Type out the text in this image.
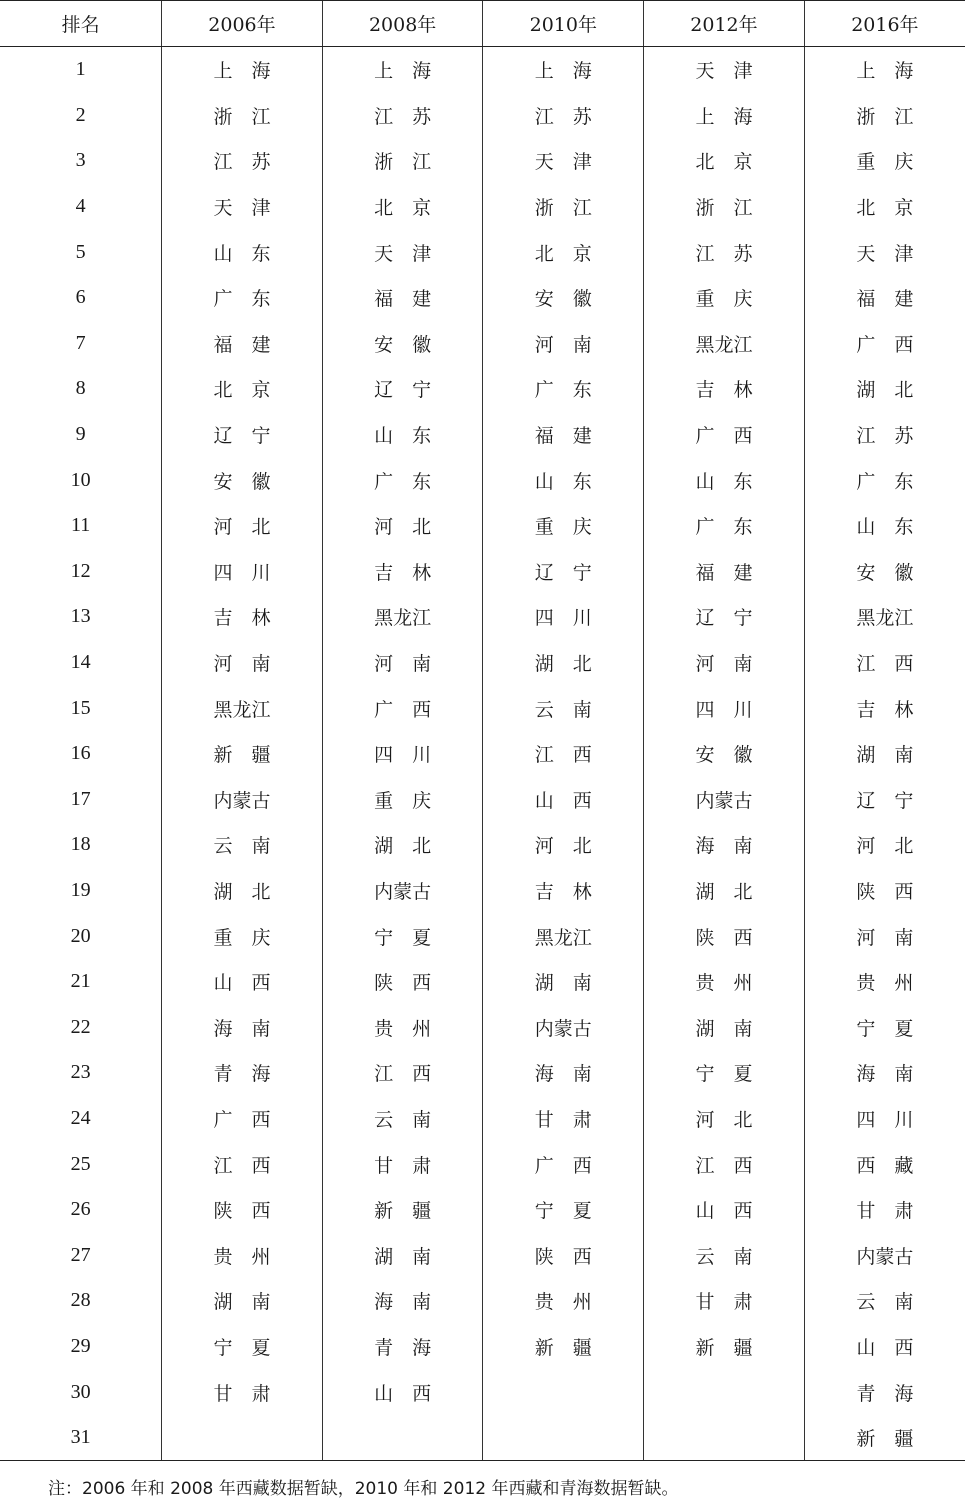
排名	2006年	2008年	2010年	2012年	2016年
1	上　海	上　海	上　海	天　津	上　海
2	浙　江	江　苏	江　苏	上　海	浙　江
3	江　苏	浙　江	天　津	北　京	重　庆
4	天　津	北　京	浙　江	浙　江	北　京
5	山　东	天　津	北　京	江　苏	天　津
6	广　东	福　建	安　徽	重　庆	福　建
7	福　建	安　徽	河　南	黑龙江	广　西
8	北　京	辽　宁	广　东	吉　林	湖　北
9	辽　宁	山　东	福　建	广　西	江　苏
10	安　徽	广　东	山　东	山　东	广　东
11	河　北	河　北	重　庆	广　东	山　东
12	四　川	吉　林	辽　宁	福　建	安　徽
13	吉　林	黑龙江	四　川	辽　宁	黑龙江
14	河　南	河　南	湖　北	河　南	江　西
15	黑龙江	广　西	云　南	四　川	吉　林
16	新　疆	四　川	江　西	安　徽	湖　南
17	内蒙古	重　庆	山　西	内蒙古	辽　宁
18	云　南	湖　北	河　北	海　南	河　北
19	湖　北	内蒙古	吉　林	湖　北	陕　西
20	重　庆	宁　夏	黑龙江	陕　西	河　南
21	山　西	陕　西	湖　南	贵　州	贵　州
22	海　南	贵　州	内蒙古	湖　南	宁　夏
23	青　海	江　西	海　南	宁　夏	海　南
24	广　西	云　南	甘　肃	河　北	四　川
25	江　西	甘　肃	广　西	江　西	西　藏
26	陕　西	新　疆	宁　夏	山　西	甘　肃
27	贵　州	湖　南	陕　西	云　南	内蒙古
28	湖　南	海　南	贵　州	甘　肃	云　南
29	宁　夏	青　海	新　疆	新　疆	山　西
30	甘　肃	山　西			青　海
31					新　疆
注：2006 年和 2008 年西藏数据暂缺，2010 年和 2012 年西藏和青海数据暂缺。
